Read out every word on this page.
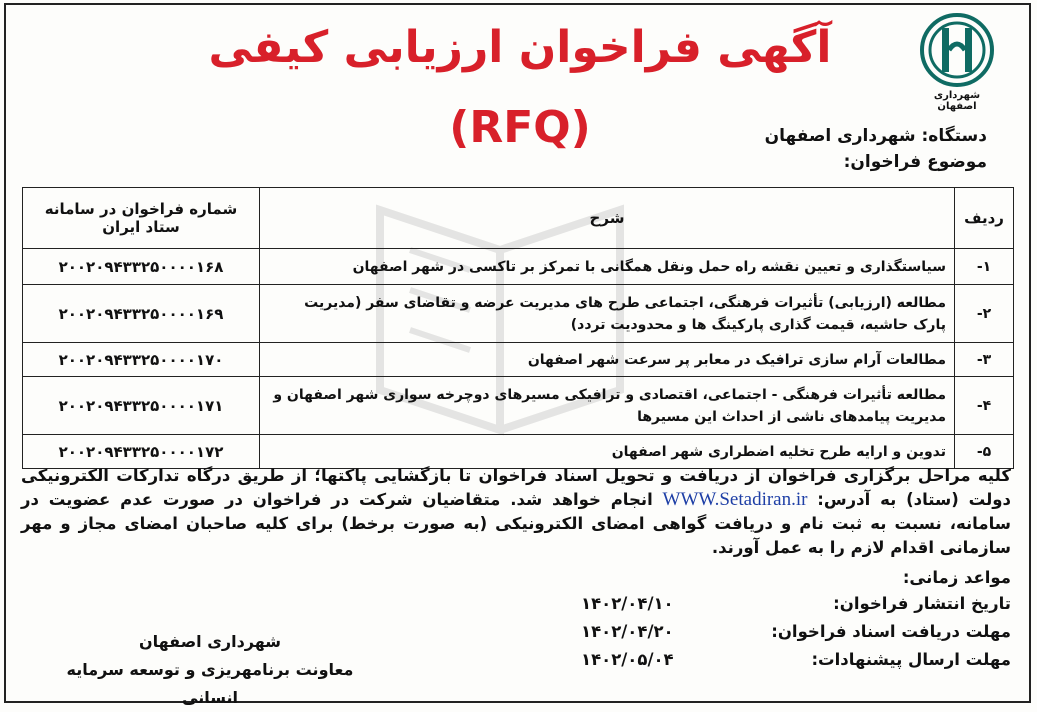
شهرداری اصفهان
آگهی فراخوان ارزیابی کیفی (RFQ)	دستگاه: شهرداری اصفهان
موضوع فراخوان:
ردیف	شرح	شماره فراخوان در سامانه ستاد ایران
۱-	سیاستگذاری و تعیین نقشه راه حمل ونقل همگانی با تمرکز بر تاکسی در شهر اصفهان	۲۰۰۲۰۹۴۳۳۲۵۰۰۰۰۱۶۸
۲-	مطالعه (ارزیابی) تأثیرات فرهنگی، اجتماعی طرح های مدیریت عرضه و تقاضای سفر (مدیریت پارک حاشیه، قیمت گذاری پارکینگ ها و محدودیت تردد)	۲۰۰۲۰۹۴۳۳۲۵۰۰۰۰۱۶۹
۳-	مطالعات آرام سازی ترافیک در معابر پر سرعت شهر اصفهان	۲۰۰۲۰۹۴۳۳۲۵۰۰۰۰۱۷۰
۴-	مطالعه تأثیرات فرهنگی - اجتماعی، اقتصادی و ترافیکی مسیرهای دوچرخه سواری شهر اصفهان و مدیریت پیامدهای ناشی از احداث این مسیرها	۲۰۰۲۰۹۴۳۳۲۵۰۰۰۰۱۷۱
۵-	تدوین و ارایه طرح تخلیه اضطراری شهر اصفهان	۲۰۰۲۰۹۴۳۳۲۵۰۰۰۰۱۷۲
کلیه مراحل برگزاری فراخوان از دریافت و تحویل اسناد فراخوان تا بازگشایی پاکتها؛ از طریق درگاه تدارکات الکترونیکی دولت (ستاد) به آدرس: WWW.Setadiran.ir انجام خواهد شد. متقاضیان شرکت در فراخوان در صورت عدم عضویت در سامانه، نسبت به ثبت نام و دریافت گواهی امضای الکترونیکی (به صورت برخط) برای کلیه صاحبان امضای مجاز و مهر سازمانی اقدام لازم را به عمل آورند.
مواعد زمانی:
تاریخ انتشار فراخوان:
۱۴۰۲/۰۴/۱۰
مهلت دریافت اسناد فراخوان:
۱۴۰۲/۰۴/۲۰
مهلت ارسال پیشنهادات:
۱۴۰۲/۰۵/۰۴
شهرداری اصفهان
معاونت برنامهریزی و توسعه سرمایه انسانی
